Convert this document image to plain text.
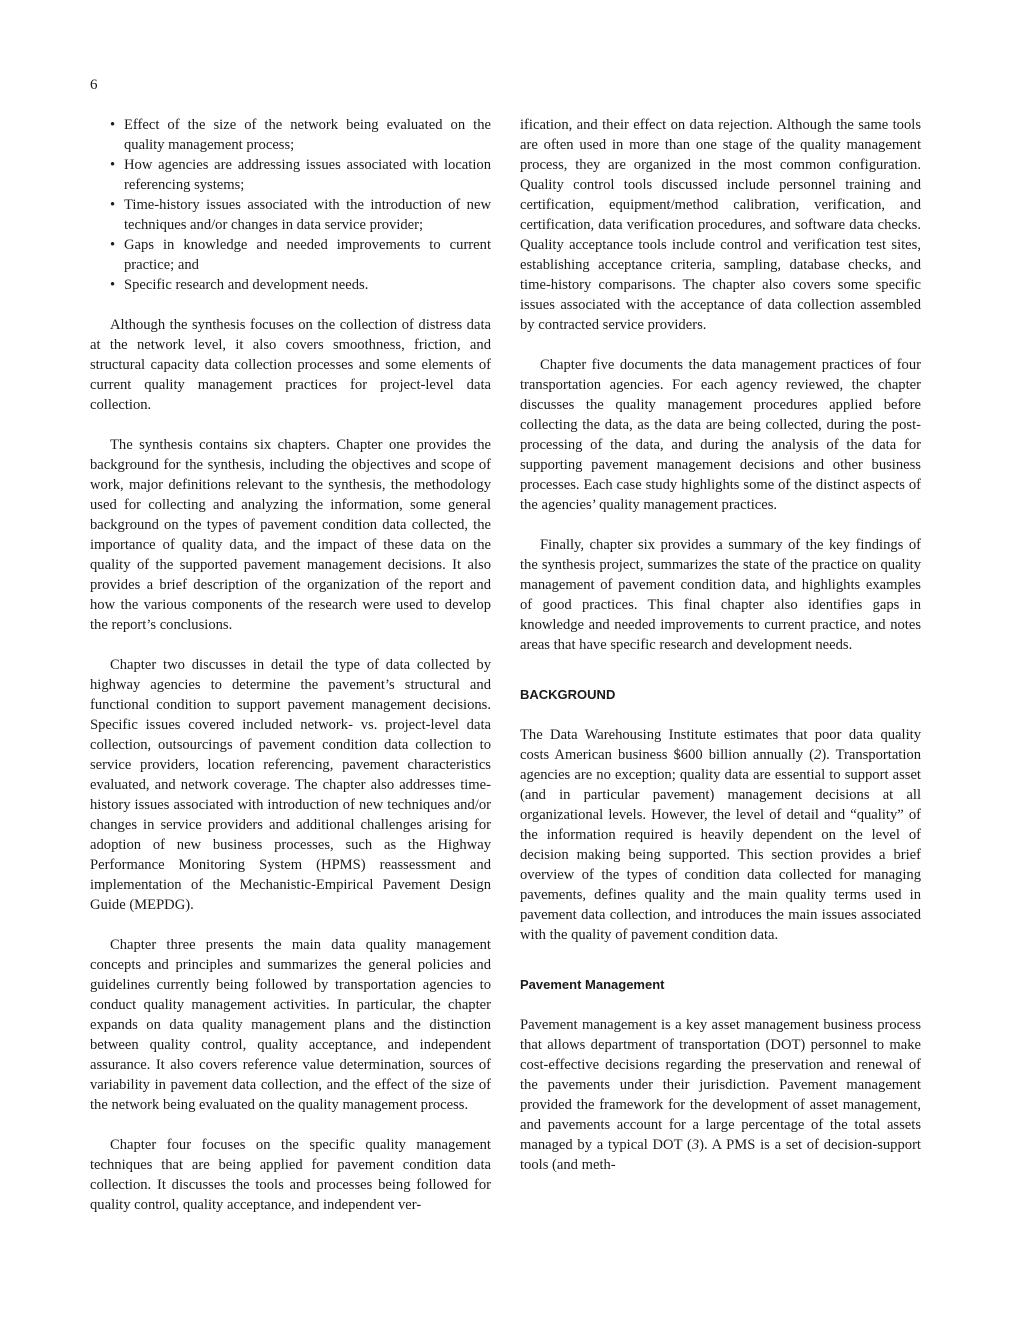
6
• Effect of the size of the network being evaluated on the quality management process;
• How agencies are addressing issues associated with location referencing systems;
• Time-history issues associated with the introduction of new techniques and/or changes in data service provider;
• Gaps in knowledge and needed improvements to current practice; and
• Specific research and development needs.

Although the synthesis focuses on the collection of distress data at the network level, it also covers smoothness, friction, and structural capacity data collection processes and some elements of current quality management practices for project-level data collection.

The synthesis contains six chapters. Chapter one provides the background for the synthesis, including the objectives and scope of work, major definitions relevant to the synthesis, the methodology used for collecting and analyzing the information, some general background on the types of pavement condition data collected, the importance of quality data, and the impact of these data on the quality of the supported pavement management decisions. It also provides a brief description of the organization of the report and how the various components of the research were used to develop the report’s conclusions.

Chapter two discusses in detail the type of data collected by highway agencies to determine the pavement’s structural and functional condition to support pavement management decisions. Specific issues covered included network- vs. project-level data collection, outsourcings of pavement condition data collection to service providers, location referencing, pavement characteristics evaluated, and network coverage. The chapter also addresses time-history issues associated with introduction of new techniques and/or changes in service providers and additional challenges arising for adoption of new business processes, such as the Highway Performance Monitoring System (HPMS) reassessment and implementation of the Mechanistic-Empirical Pavement Design Guide (MEPDG).

Chapter three presents the main data quality management concepts and principles and summarizes the general policies and guidelines currently being followed by transportation agencies to conduct quality management activities. In particular, the chapter expands on data quality management plans and the distinction between quality control, quality acceptance, and independent assurance. It also covers reference value determination, sources of variability in pavement data collection, and the effect of the size of the network being evaluated on the quality management process.

Chapter four focuses on the specific quality management techniques that are being applied for pavement condition data collection. It discusses the tools and processes being followed for quality control, quality acceptance, and independent ver-

ification, and their effect on data rejection. Although the same tools are often used in more than one stage of the quality management process, they are organized in the most common configuration. Quality control tools discussed include personnel training and certification, equipment/method calibration, verification, and certification, data verification procedures, and software data checks. Quality acceptance tools include control and verification test sites, establishing acceptance criteria, sampling, database checks, and time-history comparisons. The chapter also covers some specific issues associated with the acceptance of data collection assembled by contracted service providers.

Chapter five documents the data management practices of four transportation agencies. For each agency reviewed, the chapter discusses the quality management procedures applied before collecting the data, as the data are being collected, during the post-processing of the data, and during the analysis of the data for supporting pavement management decisions and other business processes. Each case study highlights some of the distinct aspects of the agencies’ quality management practices.

Finally, chapter six provides a summary of the key findings of the synthesis project, summarizes the state of the practice on quality management of pavement condition data, and highlights examples of good practices. This final chapter also identifies gaps in knowledge and needed improvements to current practice, and notes areas that have specific research and development needs.

BACKGROUND

The Data Warehousing Institute estimates that poor data quality costs American business $600 billion annually (2). Transportation agencies are no exception; quality data are essential to support asset (and in particular pavement) management decisions at all organizational levels. However, the level of detail and “quality” of the information required is heavily dependent on the level of decision making being supported. This section provides a brief overview of the types of condition data collected for managing pavements, defines quality and the main quality terms used in pavement data collection, and introduces the main issues associated with the quality of pavement condition data.

Pavement Management

Pavement management is a key asset management business process that allows department of transportation (DOT) personnel to make cost-effective decisions regarding the preservation and renewal of the pavements under their jurisdiction. Pavement management provided the framework for the development of asset management, and pavements account for a large percentage of the total assets managed by a typical DOT (3). A PMS is a set of decision-support tools (and meth-
